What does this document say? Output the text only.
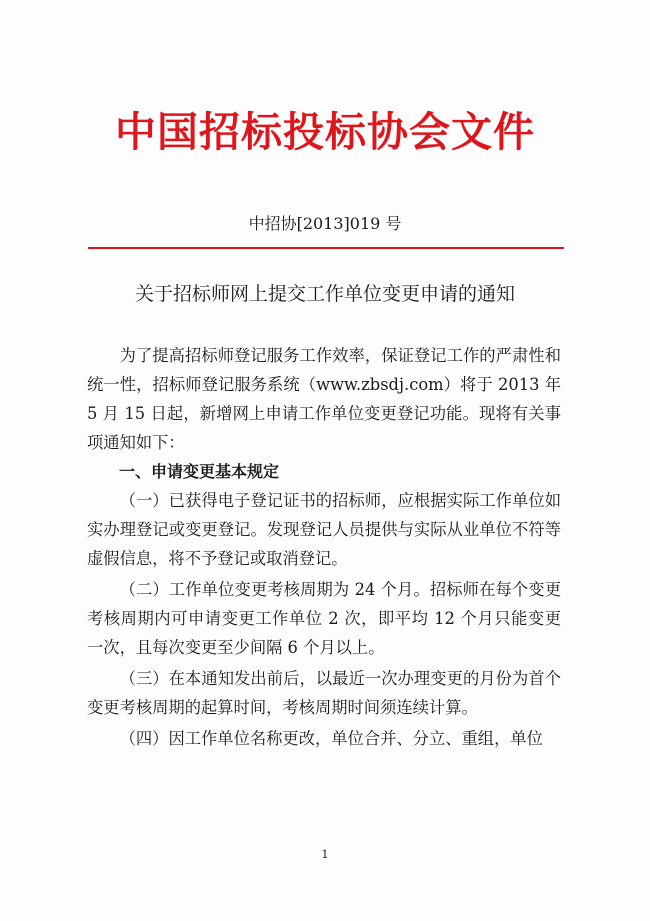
中国招标投标协会文件
中招协[2013]019 号
关于招标师网上提交工作单位变更申请的通知

为了提高招标师登记服务工作效率，保证登记工作的严肃性和统一性，招标师登记服务系统（www.zbsdj.com）将于 2013 年 5 月 15 日起，新增网上申请工作单位变更登记功能。现将有关事项通知如下：

一、申请变更基本规定

（一）已获得电子登记证书的招标师，应根据实际工作单位如实办理登记或变更登记。发现登记人员提供与实际从业单位不符等虚假信息，将不予登记或取消登记。

（二）工作单位变更考核周期为 24 个月。招标师在每个变更考核周期内可申请变更工作单位 2 次，即平均 12 个月只能变更一次，且每次变更至少间隔 6 个月以上。

（三）在本通知发出前后，以最近一次办理变更的月份为首个变更考核周期的起算时间，考核周期时间须连续计算。

（四）因工作单位名称更改，单位合并、分立、重组，单位

1
